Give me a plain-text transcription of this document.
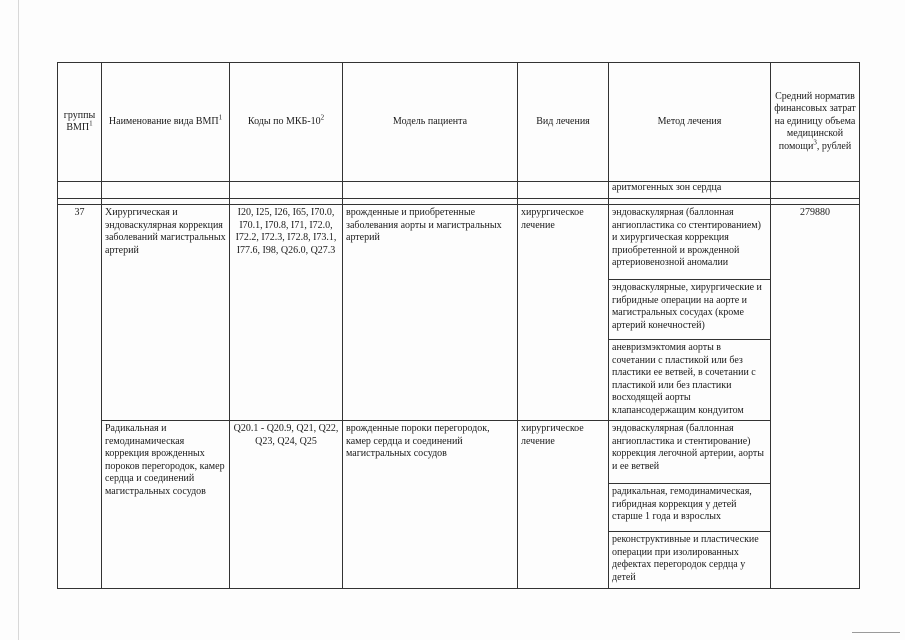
группы ВМП$^1$	Наименование вида ВМП$^1$	Коды по МКБ-$10^2$	Модель пациента	Вид лечения	Метод лечения	Средний норматив финансовых затрат на единицу объема медицинской помощи$^3$, рублей
					аритмогенных зон сердца	

37	Хирургическая и эндоваскулярная коррекция заболеваний магистральных артерий	I20, I25, I26, I65, I70.0, I70.1, I70.8, I71, I72.0, I72.2, I72.3, I72.8, I73.1, I77.6, I98, Q26.0, Q27.3	врожденные и приобретенные заболевания аорты и магистральных артерий	хирургическое лечение	эндоваскулярная (баллонная ангиопластика со стентированием) и хирургическая коррекция приобретенной и врожденной артериовенозной аномалии	279880
					эндоваскулярные, хирургические и гибридные операции на аорте и магистральных сосудах (кроме артерий конечностей)	
					аневризмэктомия аорты в сочетании с пластикой или без пластики ее ветвей, в сочетании с пластикой или без пластики восходящей аорты клапансодержащим кондуитом	
	Радикальная и гемодинамическая коррекция врожденных пороков перегородок, камер сердца и соединений магистральных сосудов	Q20.1 - Q20.9, Q21, Q22, Q23, Q24, Q25	врожденные пороки перегородок, камер сердца и соединений магистральных сосудов	хирургическое лечение	эндоваскулярная (баллонная ангиопластика и стентирование) коррекция легочной артерии, аорты и ее ветвей	
					радикальная, гемодинамическая, гибридная коррекция у детей старше 1 года и взрослых	
					реконструктивные и пластические операции при изолированных дефектах перегородок сердца у детей	
